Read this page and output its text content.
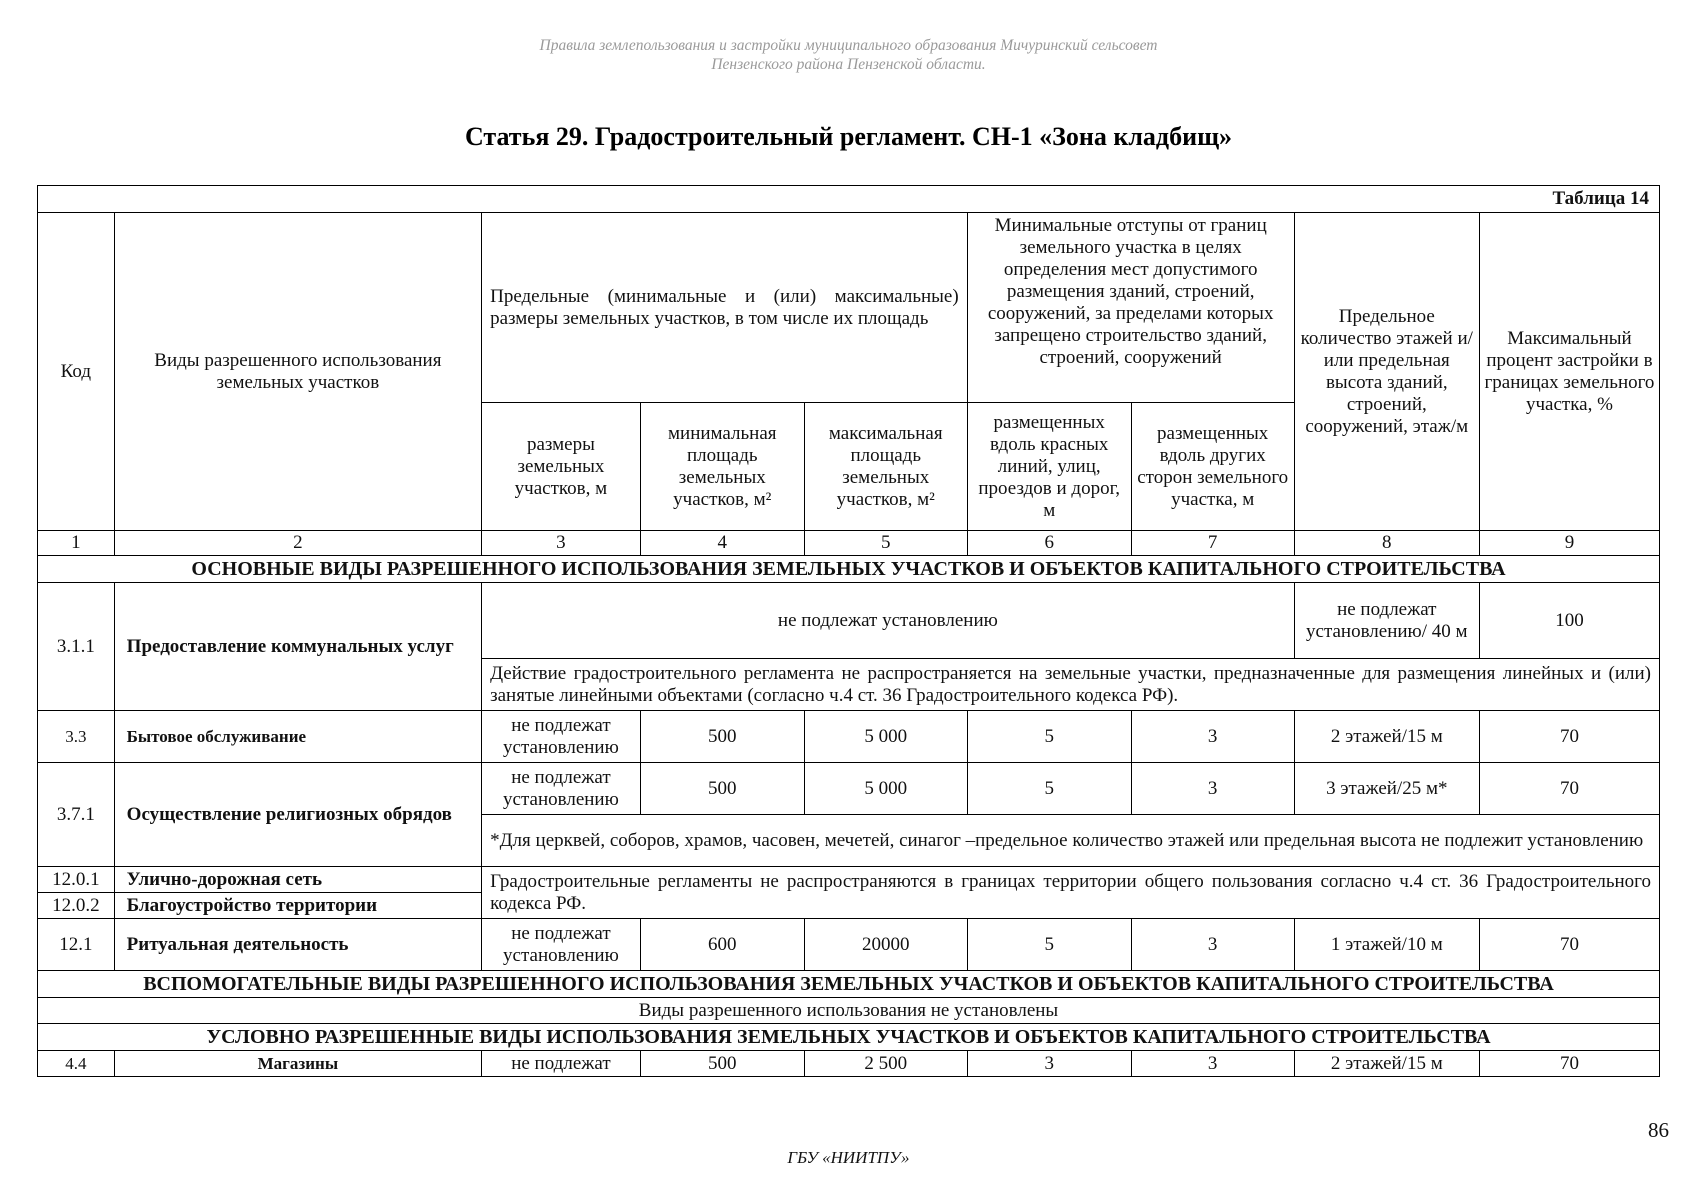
Правила землепользования и застройки муниципального образования Мичуринский сельсовет
Пензенского района Пензенской области.
Статья 29. Градостроительный регламент. СН-1 «Зона кладбищ»
Таблица 14								
Код	Виды разрешенного использования земельных участков	Предельные (минимальные и (или) максимальные) размеры земельных участков, в том числе их площадь			Минимальные отступы от границ земельного участка в целях определения мест допустимого размещения зданий, строений, сооружений, за пределами которых запрещено строительство зданий, строений, сооружений		Предельное количество этажей и/или предельная высота зданий, строений, сооружений, этаж/м	Максимальный процент застройки в границах земельного участка, %
		размеры земельных участков, м	минимальная площадь земельных участков, м²	максимальная площадь земельных участков, м²	размещенных вдоль красных линий, улиц, проездов и дорог, м	размещенных вдоль других сторон земельного участка, м		
1	2	3	4	5	6	7	8	9
ОСНОВНЫЕ ВИДЫ РАЗРЕШЕННОГО ИСПОЛЬЗОВАНИЯ ЗЕМЕЛЬНЫХ УЧАСТКОВ И ОБЪЕКТОВ КАПИТАЛЬНОГО СТРОИТЕЛЬСТВА								
3.1.1	Предоставление коммунальных услуг	не подлежат установлению					не подлежат установлению/ 40 м	100
		Действие градостроительного регламента не распространяется на земельные участки, предназначенные для размещения линейных и (или) занятые линейными объектами (согласно ч.4 ст. 36 Градостроительного кодекса РФ).						
3.3	Бытовое обслуживание	не подлежат установлению	500	5 000	5	3	2 этажей/15 м	70
3.7.1	Осуществление религиозных обрядов	не подлежат установлению	500	5 000	5	3	3 этажей/25 м*	70
		*Для церквей, соборов, храмов, часовен, мечетей, синагог –предельное количество этажей или предельная высота не подлежит установлению						
12.0.1	Улично-дорожная сеть	Градостроительные регламенты не распространяются в границах территории общего пользования согласно ч.4 ст. 36 Градостроительного кодекса РФ.						
12.0.2	Благоустройство территории							
12.1	Ритуальная деятельность	не подлежат установлению	600	20000	5	3	1 этажей/10 м	70
ВСПОМОГАТЕЛЬНЫЕ ВИДЫ РАЗРЕШЕННОГО ИСПОЛЬЗОВАНИЯ ЗЕМЕЛЬНЫХ УЧАСТКОВ И ОБЪЕКТОВ КАПИТАЛЬНОГО СТРОИТЕЛЬСТВА								
Виды разрешенного использования не установлены								
УСЛОВНО РАЗРЕШЕННЫЕ ВИДЫ ИСПОЛЬЗОВАНИЯ ЗЕМЕЛЬНЫХ УЧАСТКОВ И ОБЪЕКТОВ КАПИТАЛЬНОГО СТРОИТЕЛЬСТВА								
4.4	Магазины	не подлежат	500	2 500	3	3	2 этажей/15 м	70
86
ГБУ «НИИТПУ»
